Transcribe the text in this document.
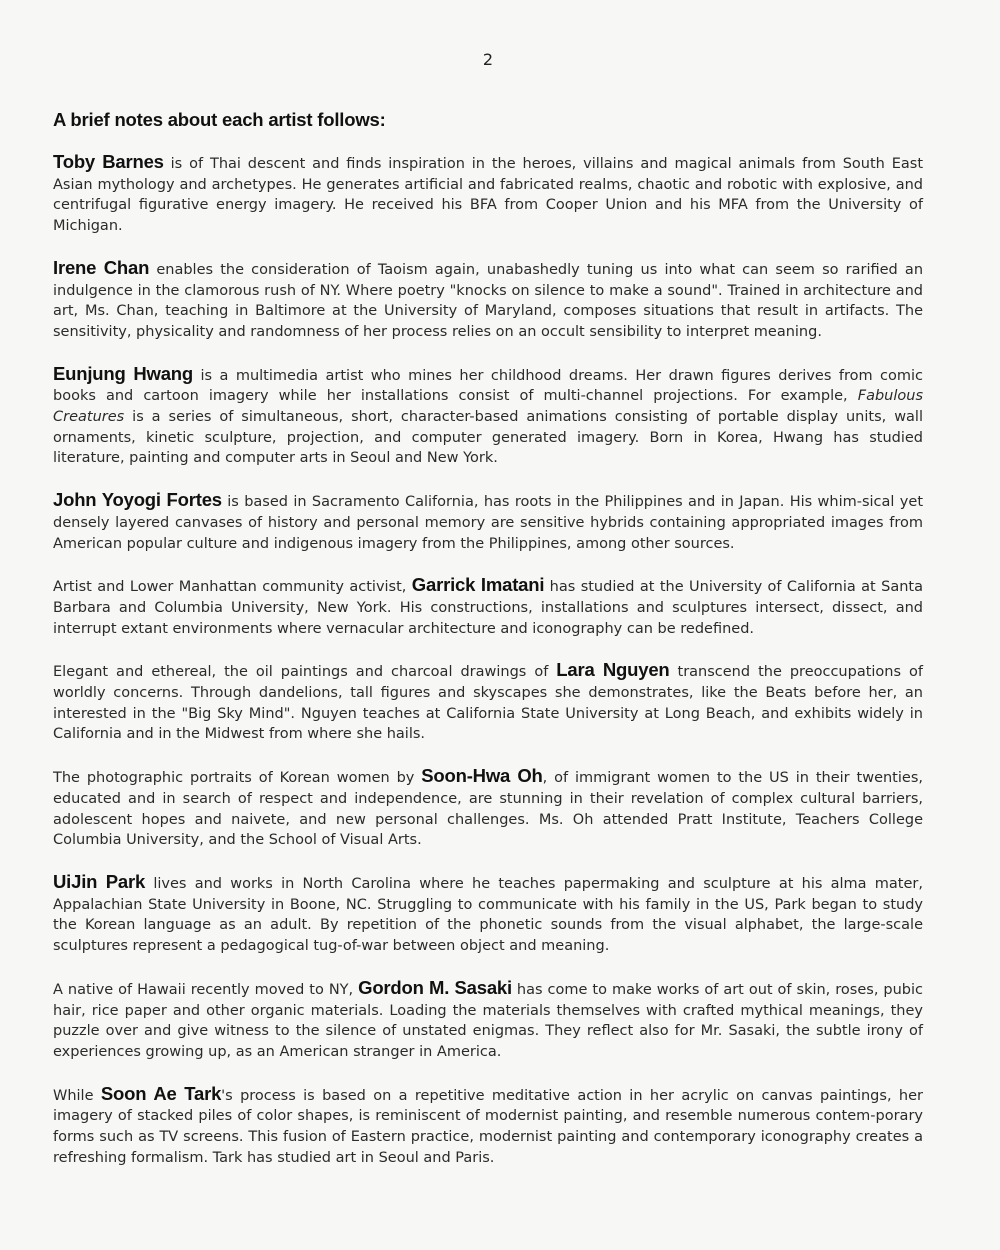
2
A brief notes about each artist follows:

Toby Barnes is of Thai descent and finds inspiration in the heroes, villains and magical animals from South East Asian mythology and archetypes. He generates artificial and fabricated realms, chaotic and robotic with explosive, and centrifugal figurative energy imagery. He received his BFA from Cooper Union and his MFA from the University of Michigan.

Irene Chan enables the consideration of Taoism again, unabashedly tuning us into what can seem so rarified an indulgence in the clamorous rush of NY. Where poetry "knocks on silence to make a sound". Trained in architecture and art, Ms. Chan, teaching in Baltimore at the University of Maryland, composes situations that result in artifacts. The sensitivity, physicality and randomness of her process relies on an occult sensibility to interpret meaning.

Eunjung Hwang is a multimedia artist who mines her childhood dreams. Her drawn figures derives from comic books and cartoon imagery while her installations consist of multi-channel projections. For example, Fabulous Creatures is a series of simultaneous, short, character-based animations consisting of portable display units, wall ornaments, kinetic sculpture, projection, and computer generated imagery. Born in Korea, Hwang has studied literature, painting and computer arts in Seoul and New York.

John Yoyogi Fortes is based in Sacramento California, has roots in the Philippines and in Japan. His whim-sical yet densely layered canvases of history and personal memory are sensitive hybrids containing appropriated images from American popular culture and indigenous imagery from the Philippines, among other sources.

Artist and Lower Manhattan community activist, Garrick Imatani has studied at the University of California at Santa Barbara and Columbia University, New York. His constructions, installations and sculptures intersect, dissect, and interrupt extant environments where vernacular architecture and iconography can be redefined.

Elegant and ethereal, the oil paintings and charcoal drawings of Lara Nguyen transcend the preoccupations of worldly concerns. Through dandelions, tall figures and skyscapes she demonstrates, like the Beats before her, an interested in the "Big Sky Mind". Nguyen teaches at California State University at Long Beach, and exhibits widely in California and in the Midwest from where she hails.

The photographic portraits of Korean women by Soon-Hwa Oh, of immigrant women to the US in their twenties, educated and in search of respect and independence, are stunning in their revelation of complex cultural barriers, adolescent hopes and naivete, and new personal challenges. Ms. Oh attended Pratt Institute, Teachers College Columbia University, and the School of Visual Arts.

UiJin Park lives and works in North Carolina where he teaches papermaking and sculpture at his alma mater, Appalachian State University in Boone, NC. Struggling to communicate with his family in the US, Park began to study the Korean language as an adult. By repetition of the phonetic sounds from the visual alphabet, the large-scale sculptures represent a pedagogical tug-of-war between object and meaning.

A native of Hawaii recently moved to NY, Gordon M. Sasaki has come to make works of art out of skin, roses, pubic hair, rice paper and other organic materials. Loading the materials themselves with crafted mythical meanings, they puzzle over and give witness to the silence of unstated enigmas. They reflect also for Mr. Sasaki, the subtle irony of experiences growing up, as an American stranger in America.

While Soon Ae Tark's process is based on a repetitive meditative action in her acrylic on canvas paintings, her imagery of stacked piles of color shapes, is reminiscent of modernist painting, and resemble numerous contem-porary forms such as TV screens. This fusion of Eastern practice, modernist painting and contemporary iconography creates a refreshing formalism. Tark has studied art in Seoul and Paris.
